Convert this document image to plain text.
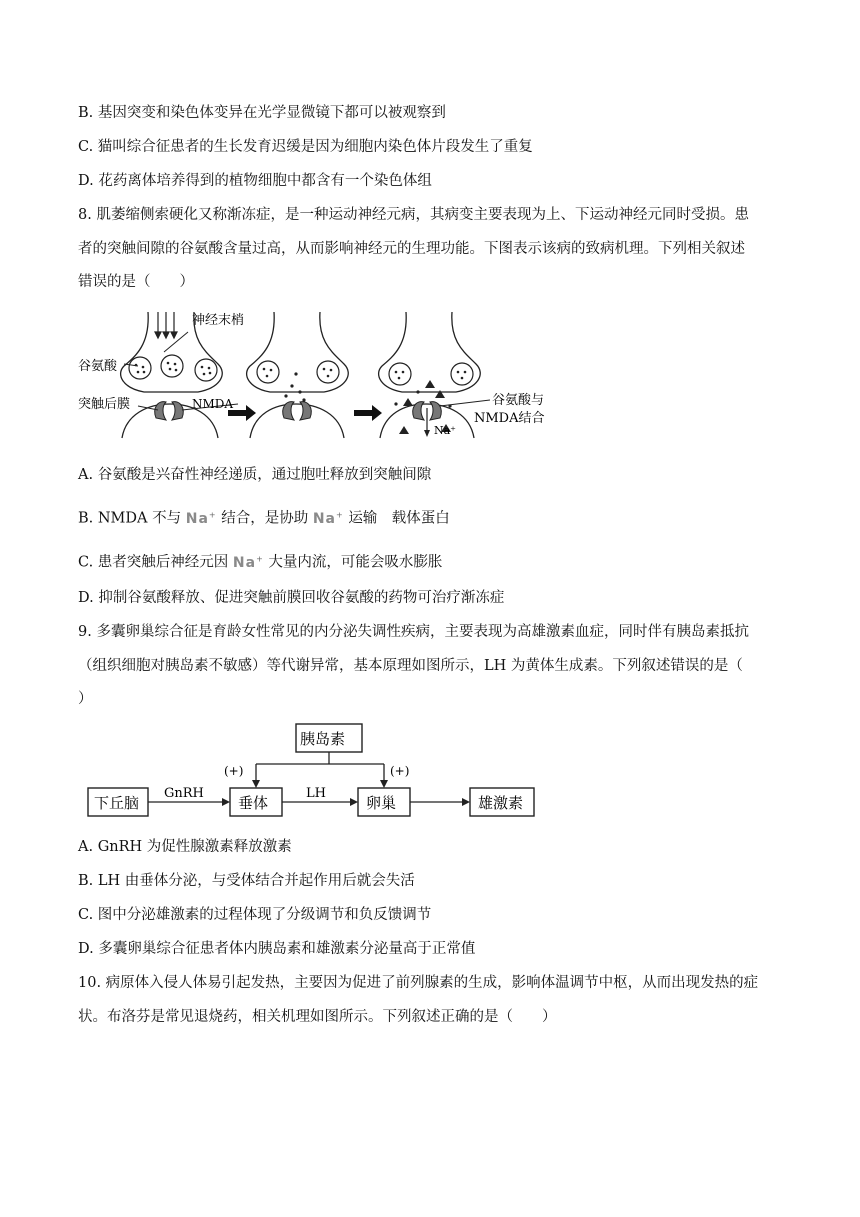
B. 基因突变和染色体变异在光学显微镜下都可以被观察到
C. 猫叫综合征患者的生长发育迟缓是因为细胞内染色体片段发生了重复
D. 花药离体培养得到的植物细胞中都含有一个染色体组
8. 肌萎缩侧索硬化又称渐冻症，是一种运动神经元病，其病变主要表现为上、下运动神经元同时受损。患
者的突触间隙的谷氨酸含量过高，从而影响神经元的生理功能。下图表示该病的致病机理。下列相关叙述
错误的是（　　）
神经末梢
谷氨酸
突触后膜	NMDA	谷氨酸与
NMDA结合
Na⁺
A. 谷氨酸是兴奋性神经递质，通过胞吐释放到突触间隙
B. NMDA 不与 Na+ 结合，是协助 Na+ 运输　载体蛋白
C. 患者突触后神经元因 Na+ 大量内流，可能会吸水膨胀
D. 抑制谷氨酸释放、促进突触前膜回收谷氨酸的药物可治疗渐冻症
9. 多囊卵巢综合征是育龄女性常见的内分泌失调性疾病，主要表现为高雄激素血症，同时伴有胰岛素抵抗
（组织细胞对胰岛素不敏感）等代谢异常，基本原理如图所示，LH 为黄体生成素。下列叙述错误的是（
）
胰岛素
下丘脑	垂体	卵巢	雄激素
GnRH	LH
(+)	(+)
A. GnRH 为促性腺激素释放激素
B. LH 由垂体分泌，与受体结合并起作用后就会失活
C. 图中分泌雄激素的过程体现了分级调节和负反馈调节
D. 多囊卵巢综合征患者体内胰岛素和雄激素分泌量高于正常值
10. 病原体入侵人体易引起发热，主要因为促进了前列腺素的生成，影响体温调节中枢，从而出现发热的症
状。布洛芬是常见退烧药，相关机理如图所示。下列叙述正确的是（　　）
